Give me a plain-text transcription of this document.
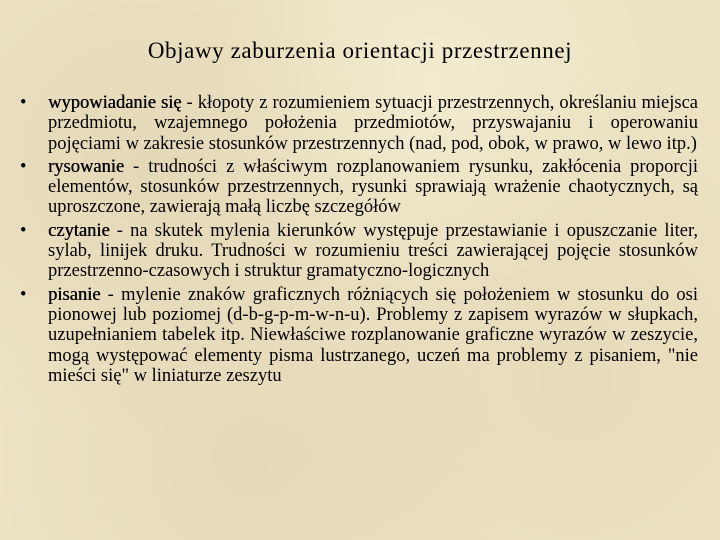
Objawy zaburzenia orientacji przestrzennej
•	wypowiadanie się - kłopoty z rozumieniem sytuacji przestrzennych, określaniu miejsca przedmiotu, wzajemnego położenia przedmiotów, przyswajaniu i operowaniu pojęciami w zakresie stosunków przestrzennych (nad, pod, obok, w prawo, w lewo itp.)
•	rysowanie - trudności z właściwym rozplanowaniem rysunku, zakłócenia proporcji elementów, stosunków przestrzennych, rysunki sprawiają wrażenie chaotycznych, są uproszczone, zawierają małą liczbę szczegółów
•	czytanie - na skutek mylenia kierunków występuje przestawianie i opuszczanie liter, sylab, linijek druku. Trudności w rozumieniu treści zawierającej pojęcie stosunków przestrzenno-czasowych i struktur gramatyczno-logicznych
•	pisanie - mylenie znaków graficznych różniących się położeniem w stosunku do osi pionowej lub poziomej (d-b-g-p-m-w-n-u). Problemy z zapisem wyrazów w słupkach, uzupełnianiem tabelek itp. Niewłaściwe rozplanowanie graficzne wyrazów w zeszycie, mogą występować elementy pisma lustrzanego, uczeń ma problemy z pisaniem, "nie mieści się" w liniaturze zeszytu
